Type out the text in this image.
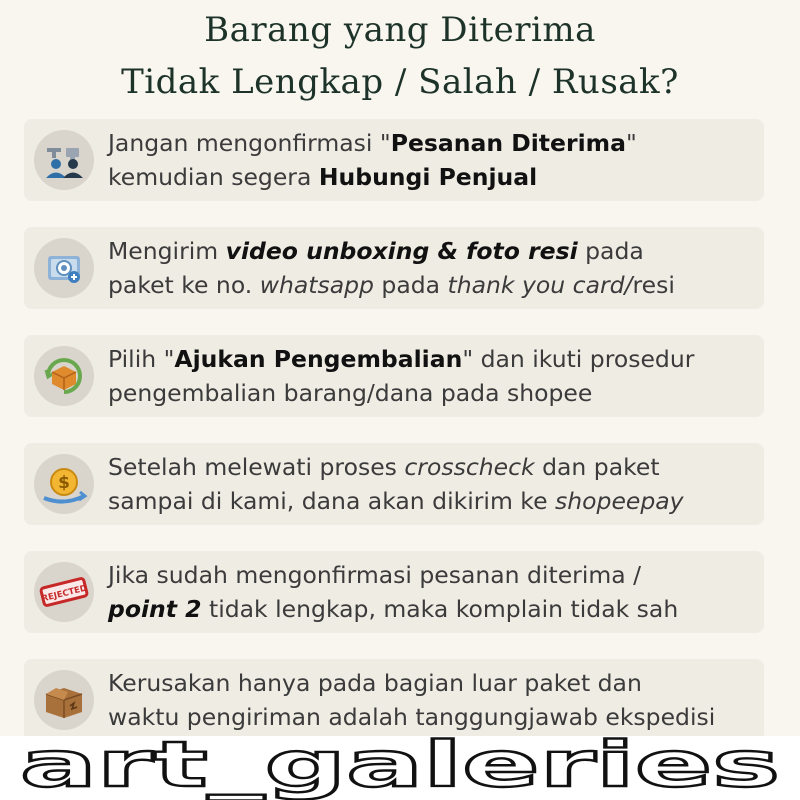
Barang yang Diterima
Tidak Lengkap / Salah / Rusak?
Jangan mengonfirmasi "Pesanan Diterima"
kemudian segera Hubungi Penjual
Mengirim video unboxing & foto resi pada
paket ke no. whatsapp pada thank you card/resi
Pilih "Ajukan Pengembalian" dan ikuti prosedur
pengembalian barang/dana pada shopee
$
Setelah melewati proses crosscheck dan paket
sampai di kami, dana akan dikirim ke shopeepay
REJECTED
Jika sudah mengonfirmasi pesanan diterima /
point 2 tidak lengkap, maka komplain tidak sah
Kerusakan hanya pada bagian luar paket dan
waktu pengiriman adalah tanggungjawab ekspedisi
art_galeries
